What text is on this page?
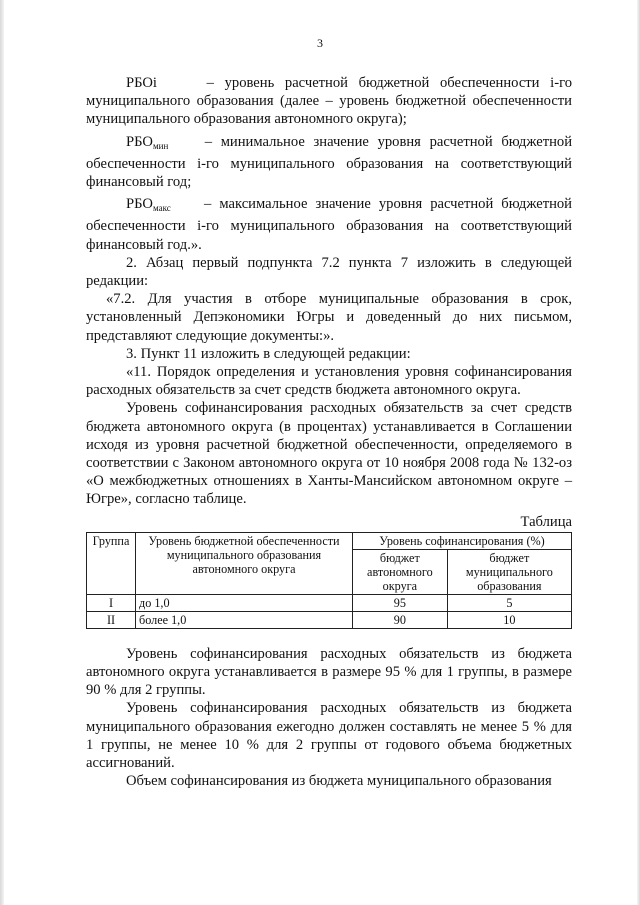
3

РБОi	– уровень расчетной бюджетной обеспеченности i-го муниципального образования (далее – уровень бюджетной обеспеченности муниципального образования автономного округа);

$РБО_{мин}$ – минимальное значение уровня расчетной бюджетной обеспеченности i-го муниципального образования на соответствующий финансовый год;

$РБО_{макс}$ – максимальное значение уровня расчетной бюджетной обеспеченности i-го муниципального образования на соответствующий финансовый год.».

2. Абзац первый подпункта 7.2 пункта 7 изложить в следующей редакции:

«7.2. Для участия в отборе муниципальные образования в срок, установленный Депэкономики Югры и доведенный до них письмом, представляют следующие документы:».

3. Пункт 11 изложить в следующей редакции:

«11. Порядок определения и установления уровня софинансирования расходных обязательств за счет средств бюджета автономного округа.

Уровень софинансирования расходных обязательств за счет средств бюджета автономного округа (в процентах) устанавливается в Соглашении исходя из уровня расчетной бюджетной обеспеченности, определяемого в соответствии с Законом автономного округа от 10 ноября 2008 года № 132-оз «О межбюджетных отношениях в Ханты-Мансийском автономном округе – Югре», согласно таблице.

Таблица

Группа	Уровень бюджетной обеспеченности муниципального образования автономного округа	Уровень софинансирования (%)	
		бюджет автономного округа	бюджет муниципального образования
I	до 1,0	95	5
II	более 1,0	90	10

Уровень софинансирования расходных обязательств из бюджета автономного округа устанавливается в размере 95 % для 1 группы, в размере 90 % для 2 группы.

Уровень софинансирования расходных обязательств из бюджета муниципального образования ежегодно должен составлять не менее 5 % для 1 группы, не менее 10 % для 2 группы от годового объема бюджетных ассигнований.

Объем софинансирования из бюджета муниципального образования
